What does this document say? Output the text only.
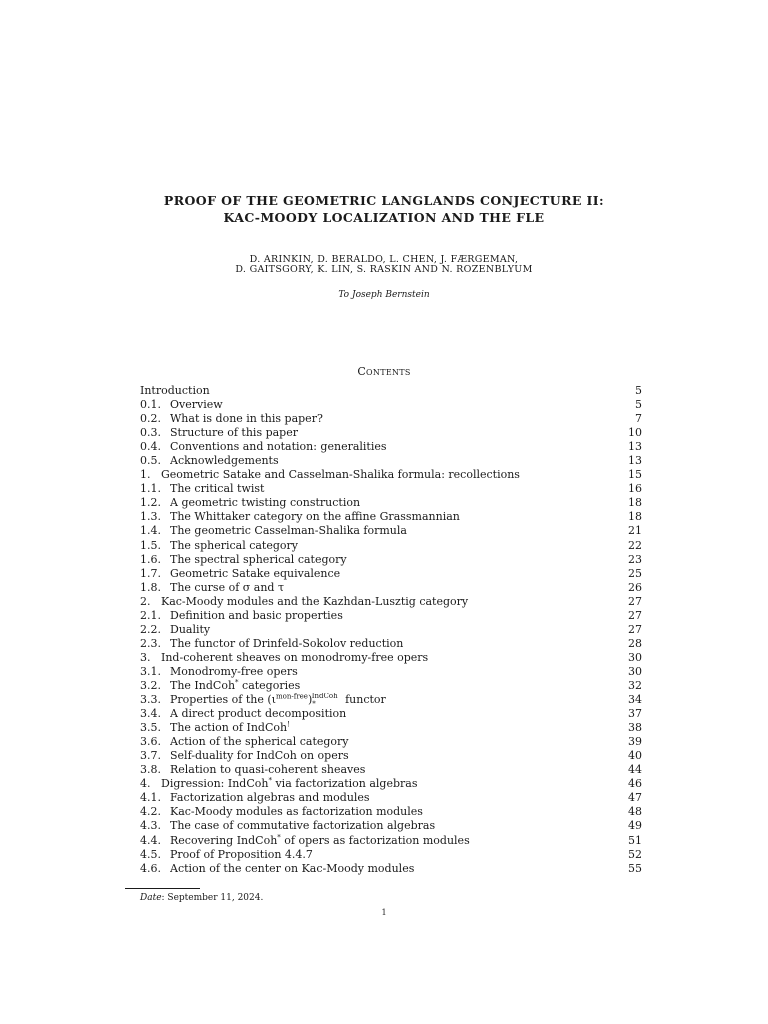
PROOF OF THE GEOMETRIC LANGLANDS CONJECTURE II:
KAC-MOODY LOCALIZATION AND THE FLE
D. ARINKIN, D. BERALDO, L. CHEN, J. FÆRGEMAN,
D. GAITSGORY, K. LIN, S. RASKIN AND N. ROZENBLYUM
To Joseph Bernstein
Contents
Introduction	5
0.1. Overview	5
0.2. What is done in this paper?	7
0.3. Structure of this paper	10
0.4. Conventions and notation: generalities	13
0.5. Acknowledgements	13
1. Geometric Satake and Casselman-Shalika formula: recollections	15
1.1. The critical twist	16
1.2. A geometric twisting construction	18
1.3. The Whittaker category on the affine Grassmannian	18
1.4. The geometric Casselman-Shalika formula	21
1.5. The spherical category	22
1.6. The spectral spherical category	23
1.7. Geometric Satake equivalence	25
1.8. The curse of σ and τ	26
2. Kac-Moody modules and the Kazhdan-Lusztig category	27
2.1. Definition and basic properties	27
2.2. Duality	27
2.3. The functor of Drinfeld-Sokolov reduction	28
3. Ind-coherent sheaves on monodromy-free opers	30
3.1. Monodromy-free opers	30
3.2. The IndCoh* categories	32
3.3. Properties of the $(\iota^{mon-free})_*^{IndCoh}$ functor	34
3.4. A direct product decomposition	37
3.5. The action of IndCoh!	38
3.6. Action of the spherical category	39
3.7. Self-duality for IndCoh on opers	40
3.8. Relation to quasi-coherent sheaves	44
4. Digression: IndCoh* via factorization algebras	46
4.1. Factorization algebras and modules	47
4.2. Kac-Moody modules as factorization modules	48
4.3. The case of commutative factorization algebras	49
4.4. Recovering IndCoh* of opers as factorization modules	51
4.5. Proof of Proposition 4.4.7	52
4.6. Action of the center on Kac-Moody modules	55
Date: September 11, 2024.
1
